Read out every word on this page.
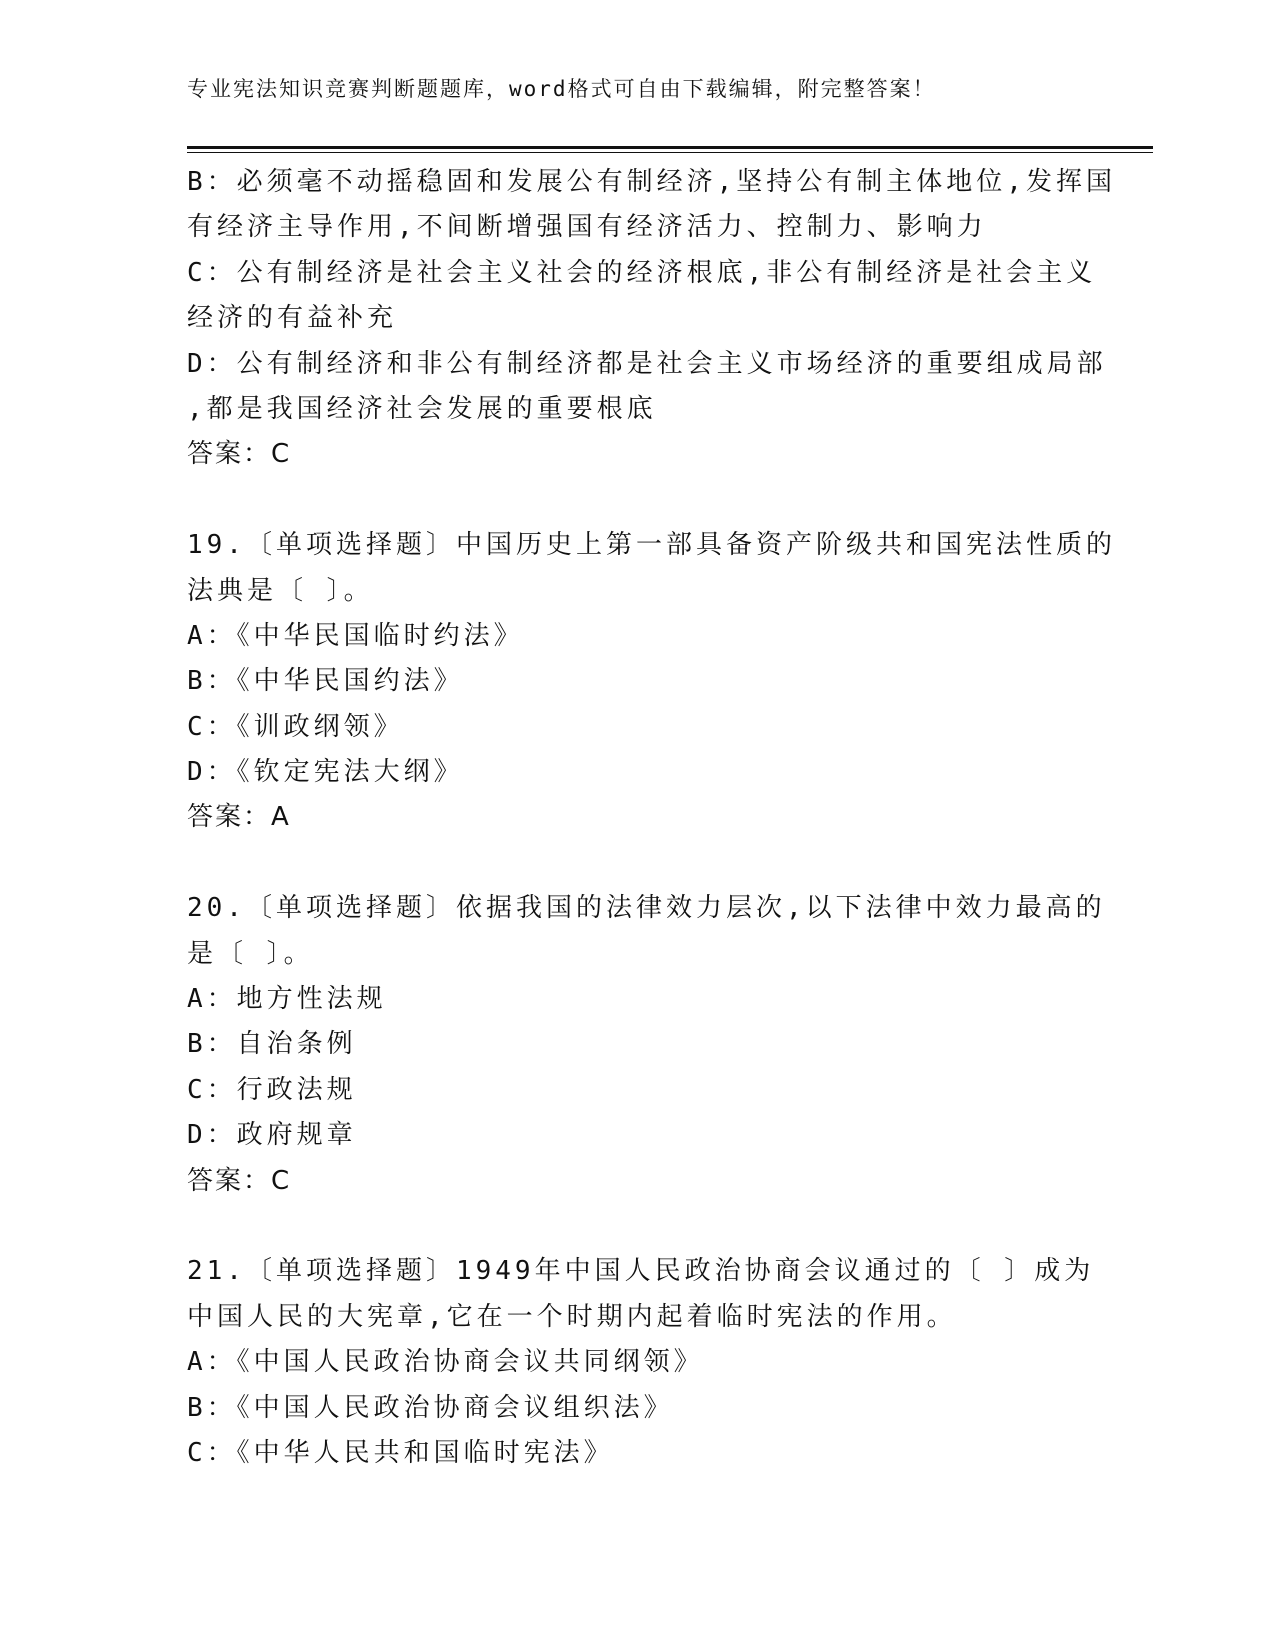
专业宪法知识竞赛判断题题库，word格式可自由下载编辑，附完整答案！
B：必须毫不动摇稳固和发展公有制经济,坚持公有制主体地位,发挥国
有经济主导作用,不间断增强国有经济活力、控制力、影响力
C：公有制经济是社会主义社会的经济根底,非公有制经济是社会主义
经济的有益补充
D：公有制经济和非公有制经济都是社会主义市场经济的重要组成局部
,都是我国经济社会发展的重要根底
答案：C
19.〔单项选择题〕中国历史上第一部具备资产阶级共和国宪法性质的
法典是〔 〕。
A：《中华民国临时约法》
B：《中华民国约法》
C：《训政纲领》
D：《钦定宪法大纲》
答案：A
20.〔单项选择题〕依据我国的法律效力层次,以下法律中效力最高的
是〔 〕。
A：地方性法规
B：自治条例
C：行政法规
D：政府规章
答案：C
21.〔单项选择题〕1949年中国人民政治协商会议通过的〔 〕成为
中国人民的大宪章,它在一个时期内起着临时宪法的作用。
A：《中国人民政治协商会议共同纲领》
B：《中国人民政治协商会议组织法》
C：《中华人民共和国临时宪法》
